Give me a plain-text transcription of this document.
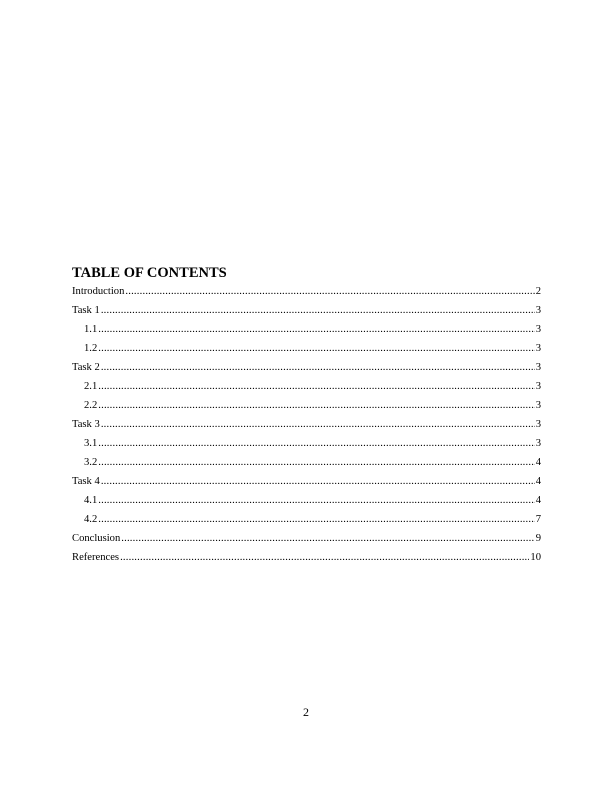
TABLE OF CONTENTS
Introduction .....	2
Task 1 .....	3
1.1 .....	3
1.2 .....	3
Task 2 .....	3
2.1 .....	3
2.2 .....	3
Task 3 .....	3
3.1 .....	3
3.2 .....	4
Task 4 .....	4
4.1 .....	4
4.2 .....	7
Conclusion .....	9
References .....	10
2
